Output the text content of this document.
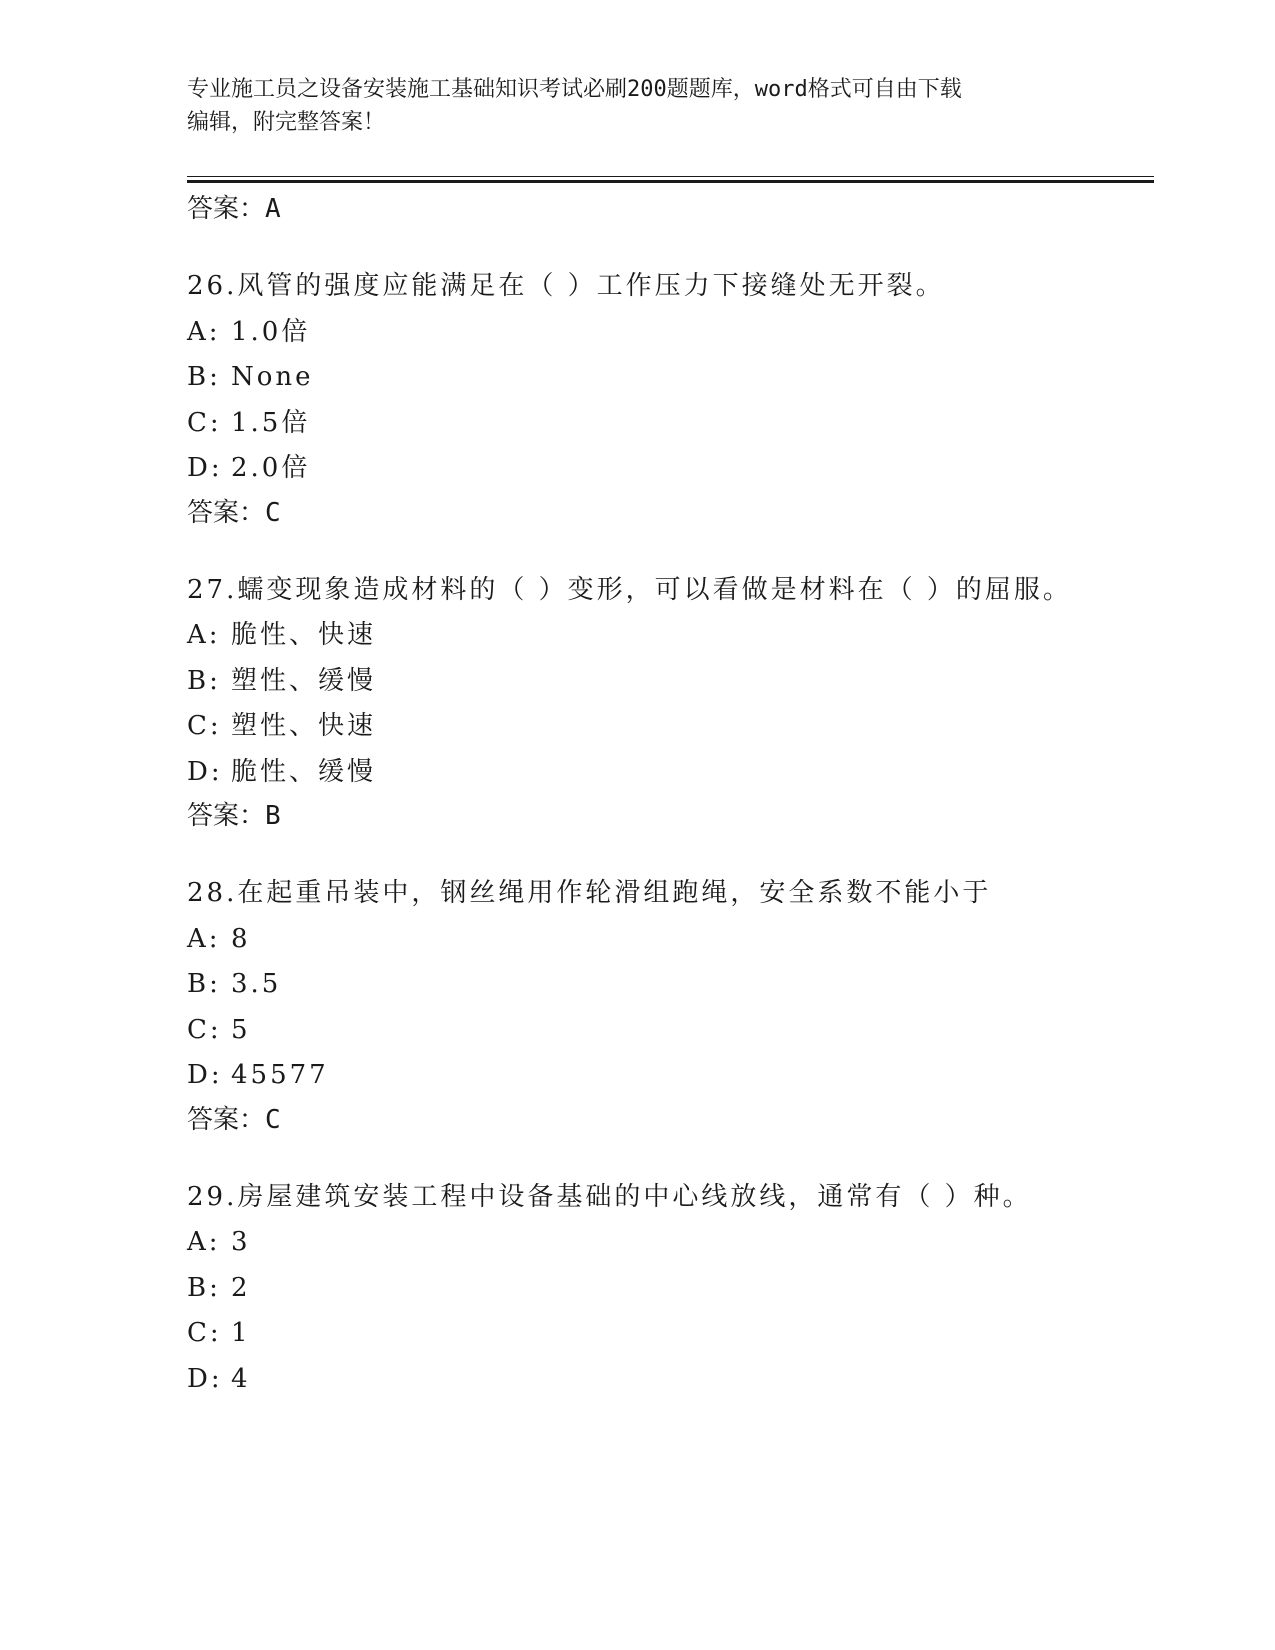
专业施工员之设备安装施工基础知识考试必刷200题题库，word格式可自由下载
编辑，附完整答案！
答案：A
26.风管的强度应能满足在（ ）工作压力下接缝处无开裂。
A: 1.0倍
B: None
C: 1.5倍
D: 2.0倍
答案：C
27.蠕变现象造成材料的（ ）变形，可以看做是材料在（ ）的屈服。
A: 脆性、快速
B: 塑性、缓慢
C: 塑性、快速
D: 脆性、缓慢
答案：B
28.在起重吊装中，钢丝绳用作轮滑组跑绳，安全系数不能小于
A: 8
B: 3.5
C: 5
D: 45577
答案：C
29.房屋建筑安装工程中设备基础的中心线放线，通常有（ ）种。
A: 3
B: 2
C: 1
D: 4
